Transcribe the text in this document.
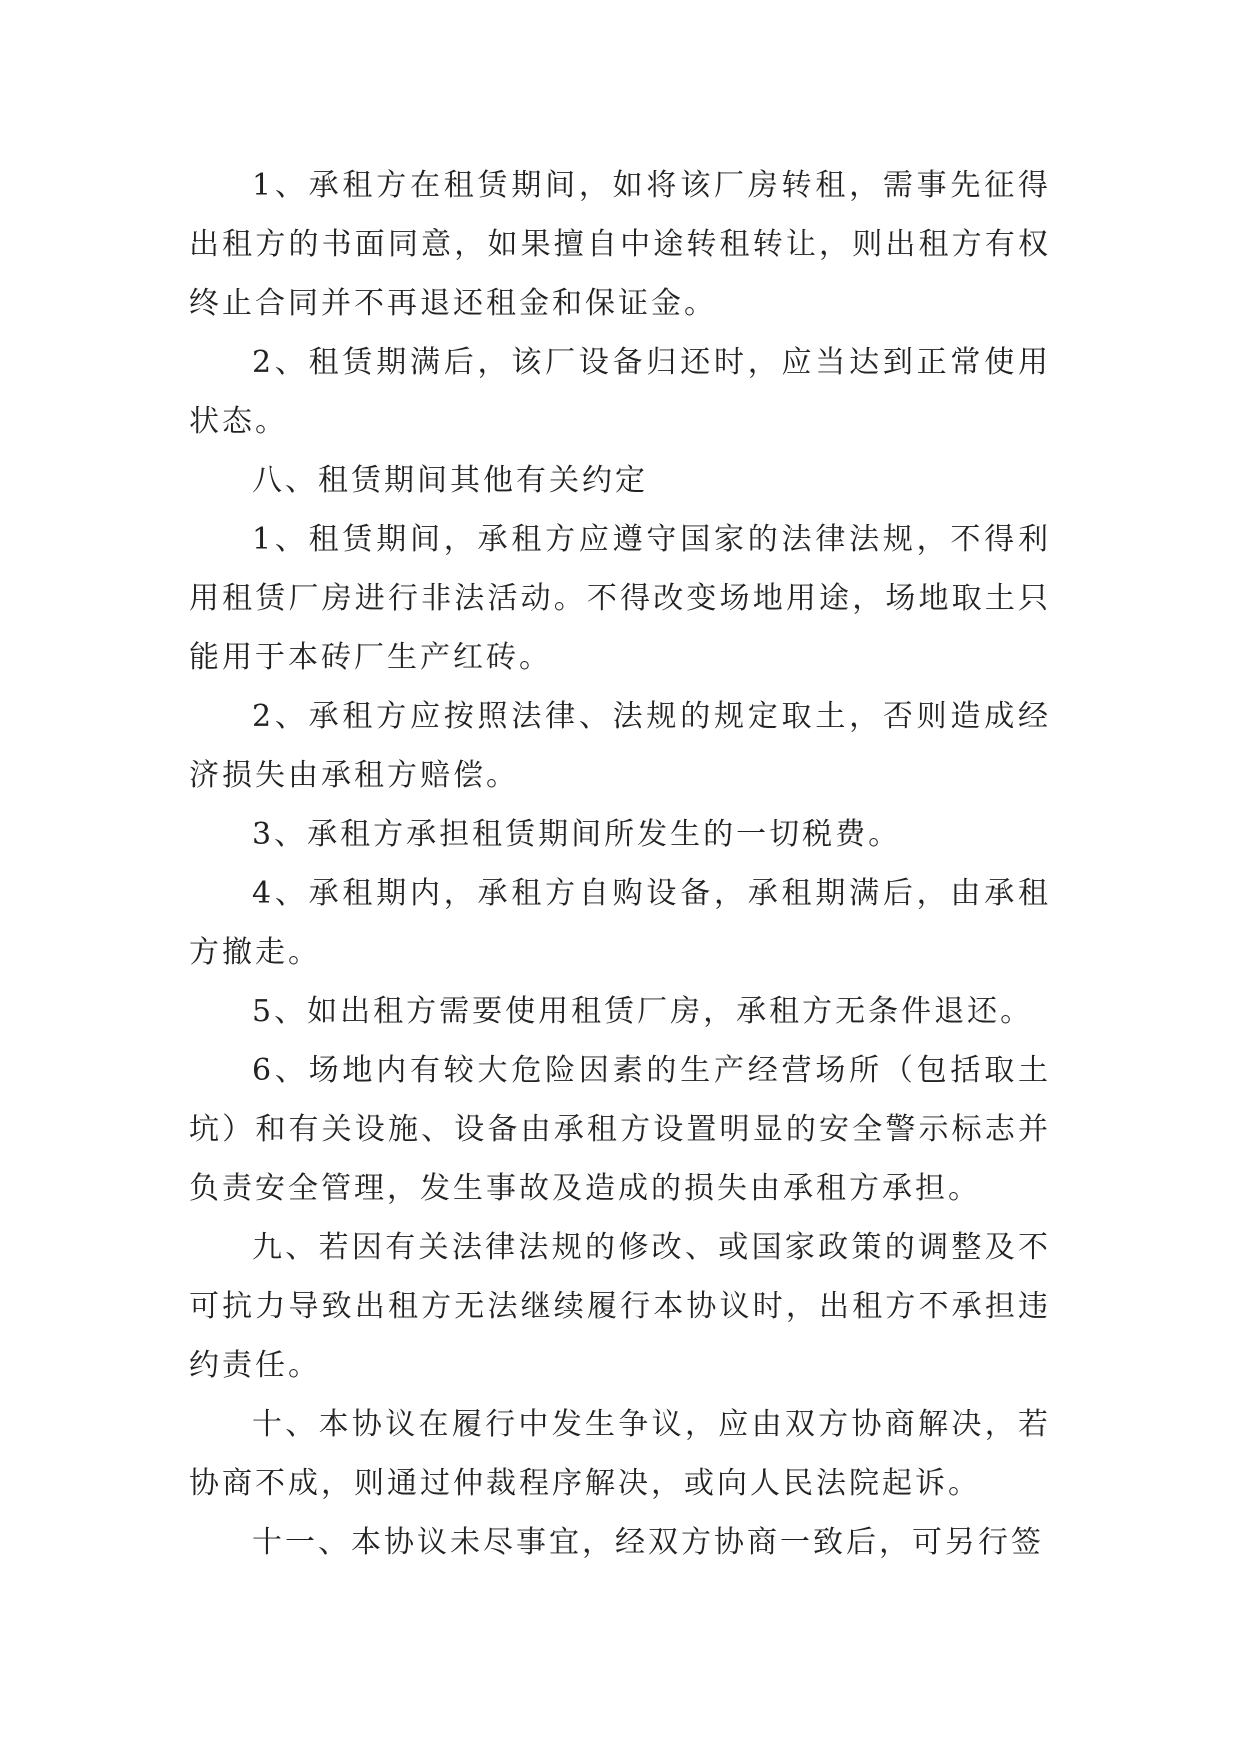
1、承租方在租赁期间，如将该厂房转租，需事先征得出租方的书面同意，如果擅自中途转租转让，则出租方有权终止合同并不再退还租金和保证金。

2、租赁期满后，该厂设备归还时，应当达到正常使用状态。

八、租赁期间其他有关约定

1、租赁期间，承租方应遵守国家的法律法规，不得利用租赁厂房进行非法活动。不得改变场地用途，场地取土只能用于本砖厂生产红砖。

2、承租方应按照法律、法规的规定取土，否则造成经济损失由承租方赔偿。

3、承租方承担租赁期间所发生的一切税费。

4、承租期内，承租方自购设备，承租期满后，由承租方撤走。

5、如出租方需要使用租赁厂房，承租方无条件退还。

6、场地内有较大危险因素的生产经营场所（包括取土坑）和有关设施、设备由承租方设置明显的安全警示标志并负责安全管理，发生事故及造成的损失由承租方承担。

九、若因有关法律法规的修改、或国家政策的调整及不可抗力导致出租方无法继续履行本协议时，出租方不承担违约责任。

十、本协议在履行中发生争议，应由双方协商解决，若协商不成，则通过仲裁程序解决，或向人民法院起诉。

十一、本协议未尽事宜，经双方协商一致后，可另行签
